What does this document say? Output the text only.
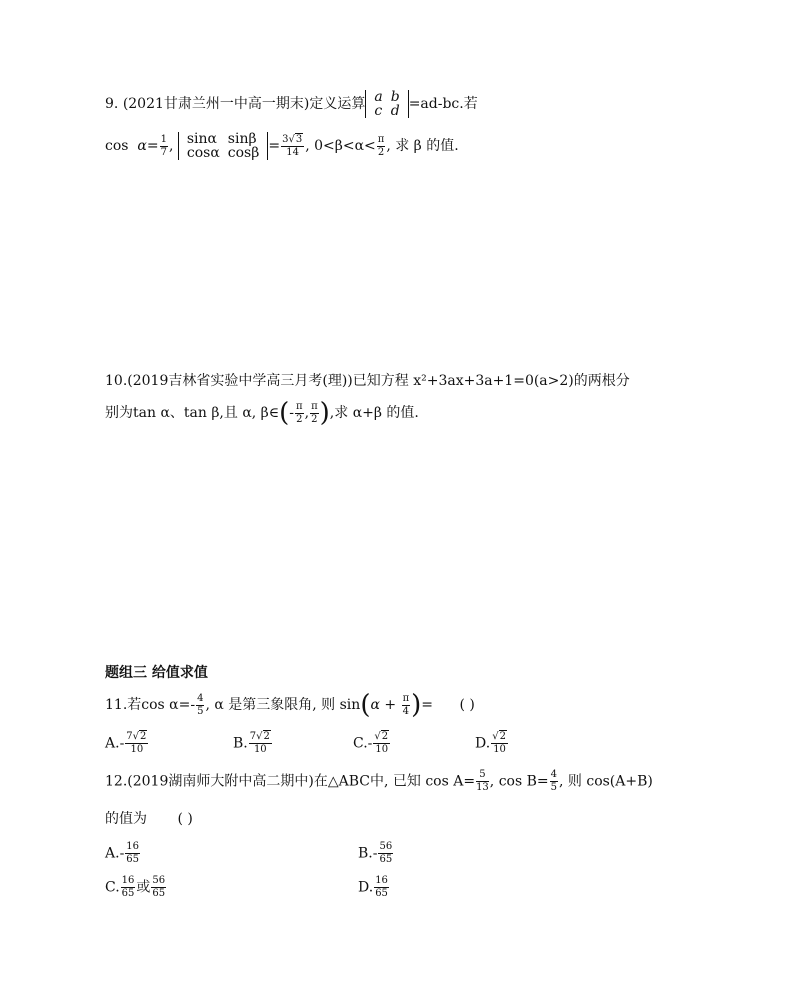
9. (2021甘肃兰州一中高一期末)定义运算 a	b
c	d =ad-bc.若
$\cos \alpha= \frac{1}{7}$ , sinα	sinβ
cosα	$\cos\beta = \frac{3√3}{14}$ , $0<\beta<\alpha< \frac{\pi}{2}$ , 求 β 的值.
10.(2019吉林省实验中学高三月考(理))已知方程 x²+3ax+3a+1=0(a>2)的两根分
别为tan α、tan β,且 α, β∈(- $\frac{\pi}{2}$ , $\frac{\pi}{2}$ ),求 α+β 的值.
题组三 给值求值
11.若$\cos \alpha=- \frac{4}{5}$ , α 是第三象限角, 则 $\sin(\alpha + \frac{\pi}{4}$ )= ( )
$A.- \frac{7√2}{10}$	B. $\frac{7√2}{10}$	$C.- \frac{√2}{10}$	D. $\frac{√2}{10}$
12.(2019湖南师大附中高二期中)在△ABC中, 已知 $\cos A= \frac{5}{13}$ , $\cos B= \frac{4}{5}$ , 则 cos(A+B)
的值为 ( )
$A.- \frac{16}{65}$	$B.- \frac{56}{65}$
C. $\frac{16}{65}$ 或 $\frac{56}{65}$	D. $\frac{16}{65}$
